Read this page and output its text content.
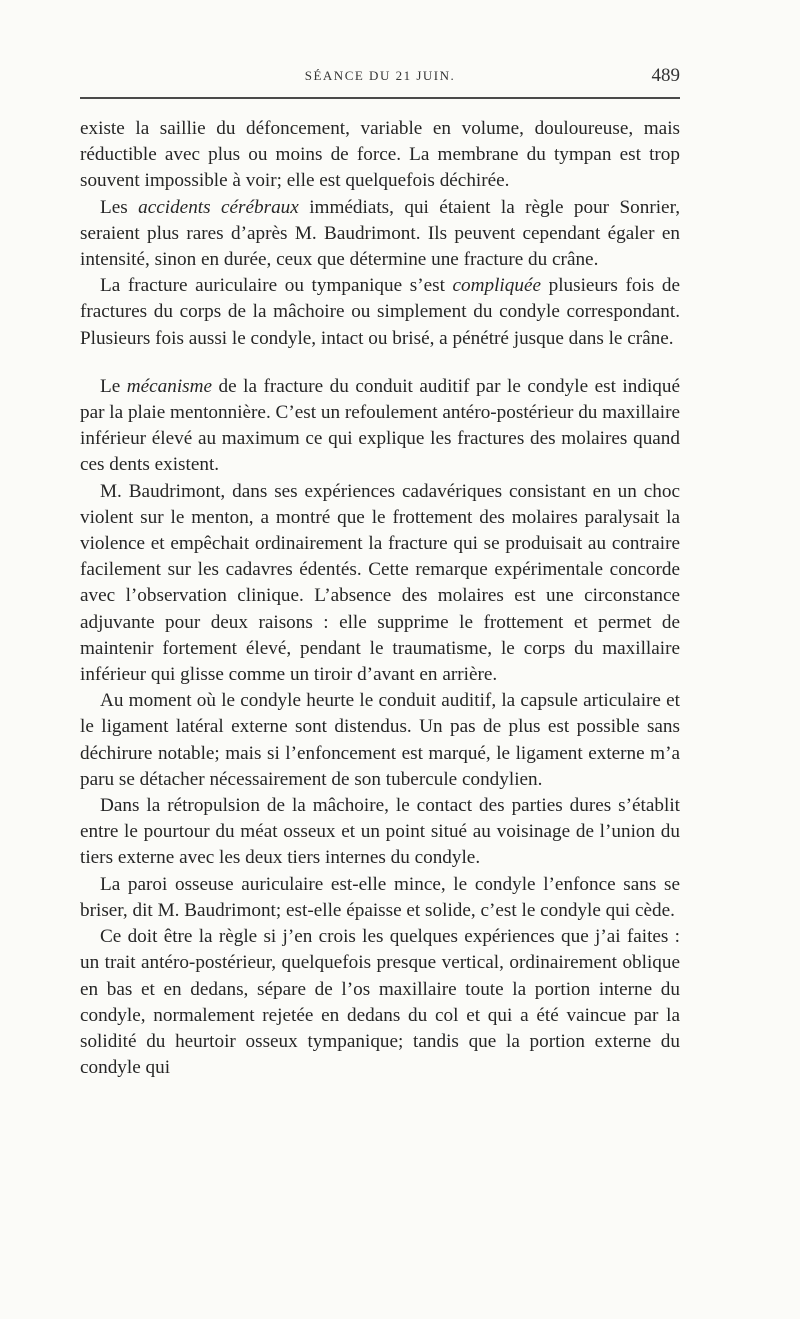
SÉANCE DU 21 JUIN.	489

existe la saillie du défoncement, variable en volume, douloureuse, mais réductible avec plus ou moins de force. La membrane du tympan est trop souvent impossible à voir; elle est quelquefois déchirée.

Les accidents cérébraux immédiats, qui étaient la règle pour Sonrier, seraient plus rares d’après M. Baudrimont. Ils peuvent cependant égaler en intensité, sinon en durée, ceux que détermine une fracture du crâne.

La fracture auriculaire ou tympanique s’est compliquée plusieurs fois de fractures du corps de la mâchoire ou simplement du condyle correspondant. Plusieurs fois aussi le condyle, intact ou brisé, a pénétré jusque dans le crâne.

Le mécanisme de la fracture du conduit auditif par le condyle est indiqué par la plaie mentonnière. C’est un refoulement antéro-postérieur du maxillaire inférieur élevé au maximum ce qui explique les fractures des molaires quand ces dents existent.

M. Baudrimont, dans ses expériences cadavériques consistant en un choc violent sur le menton, a montré que le frottement des molaires paralysait la violence et empêchait ordinairement la fracture qui se produisait au contraire facilement sur les cadavres édentés. Cette remarque expérimentale concorde avec l’observation clinique. L’absence des molaires est une circonstance adjuvante pour deux raisons : elle supprime le frottement et permet de maintenir fortement élevé, pendant le traumatisme, le corps du maxillaire inférieur qui glisse comme un tiroir d’avant en arrière.

Au moment où le condyle heurte le conduit auditif, la capsule articulaire et le ligament latéral externe sont distendus. Un pas de plus est possible sans déchirure notable; mais si l’enfoncement est marqué, le ligament externe m’a paru se détacher nécessairement de son tubercule condylien.

Dans la rétropulsion de la mâchoire, le contact des parties dures s’établit entre le pourtour du méat osseux et un point situé au voisinage de l’union du tiers externe avec les deux tiers internes du condyle.

La paroi osseuse auriculaire est-elle mince, le condyle l’enfonce sans se briser, dit M. Baudrimont; est-elle épaisse et solide, c’est le condyle qui cède.

Ce doit être la règle si j’en crois les quelques expériences que j’ai faites : un trait antéro-postérieur, quelquefois presque vertical, ordinairement oblique en bas et en dedans, sépare de l’os maxillaire toute la portion interne du condyle, normalement rejetée en dedans du col et qui a été vaincue par la solidité du heurtoir osseux tympanique; tandis que la portion externe du condyle qui
